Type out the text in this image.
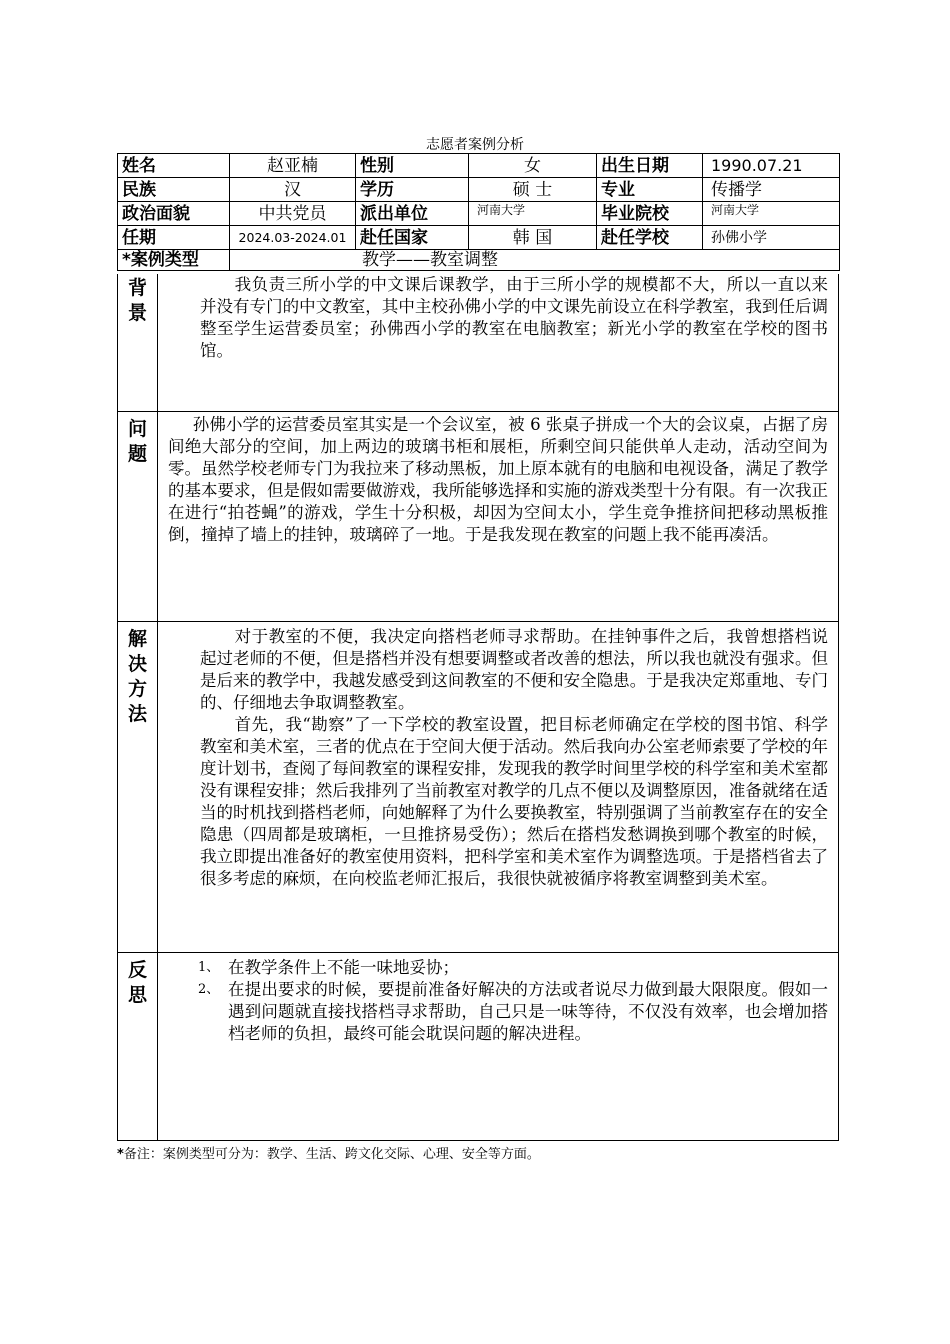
志愿者案例分析
姓名	赵亚楠	性别	女	出生日期	1990.07.21
民族	汉	学历	硕 士	专业	传播学
政治面貌	中共党员	派出单位	河南大学	毕业院校	河南大学
任期	2024.03-2024.01	赴任国家	韩 国	赴任学校	孙佛小学
*案例类型	教学——教室调整				
背
景

我负责三所小学的中文课后课教学，由于三所小学的规模都不大，所以一直以来并没有专门的中文教室，其中主校孙佛小学的中文课先前设立在科学教室，我到任后调整至学生运营委员室；孙佛西小学的教室在电脑教室；新光小学的教室在学校的图书馆。

问
题

孙佛小学的运营委员室其实是一个会议室，被 6 张桌子拼成一个大的会议桌，占据了房间绝大部分的空间，加上两边的玻璃书柜和展柜，所剩空间只能供单人走动，活动空间为零。虽然学校老师专门为我拉来了移动黑板，加上原本就有的电脑和电视设备，满足了教学的基本要求，但是假如需要做游戏，我所能够选择和实施的游戏类型十分有限。有一次我正在进行“拍苍蝇”的游戏，学生十分积极，却因为空间太小，学生竞争推挤间把移动黑板推倒，撞掉了墙上的挂钟，玻璃碎了一地。于是我发现在教室的问题上我不能再凑活。

解
决
方
法

对于教室的不便，我决定向搭档老师寻求帮助。在挂钟事件之后，我曾想搭档说起过老师的不便，但是搭档并没有想要调整或者改善的想法，所以我也就没有强求。但是后来的教学中，我越发感受到这间教室的不便和安全隐患。于是我决定郑重地、专门的、仔细地去争取调整教室。

首先，我“勘察”了一下学校的教室设置，把目标老师确定在学校的图书馆、科学教室和美术室，三者的优点在于空间大便于活动。然后我向办公室老师索要了学校的年度计划书，查阅了每间教室的课程安排，发现我的教学时间里学校的科学室和美术室都没有课程安排；然后我排列了当前教室对教学的几点不便以及调整原因，准备就绪在适当的时机找到搭档老师，向她解释了为什么要换教室，特别强调了当前教室存在的安全隐患（四周都是玻璃柜，一旦推挤易受伤）；然后在搭档发愁调换到哪个教室的时候，我立即提出准备好的教室使用资料，把科学室和美术室作为调整选项。于是搭档省去了很多考虑的麻烦，在向校监老师汇报后，我很快就被循序将教室调整到美术室。

反
思
1、 在教学条件上不能一味地妥协；
2、 在提出要求的时候，要提前准备好解决的方法或者说尽力做到最大限限度。假如一遇到问题就直接找搭档寻求帮助，自己只是一味等待，不仅没有效率，也会增加搭档老师的负担，最终可能会耽误问题的解决进程。
*备注：案例类型可分为：教学、生活、跨文化交际、心理、安全等方面。
